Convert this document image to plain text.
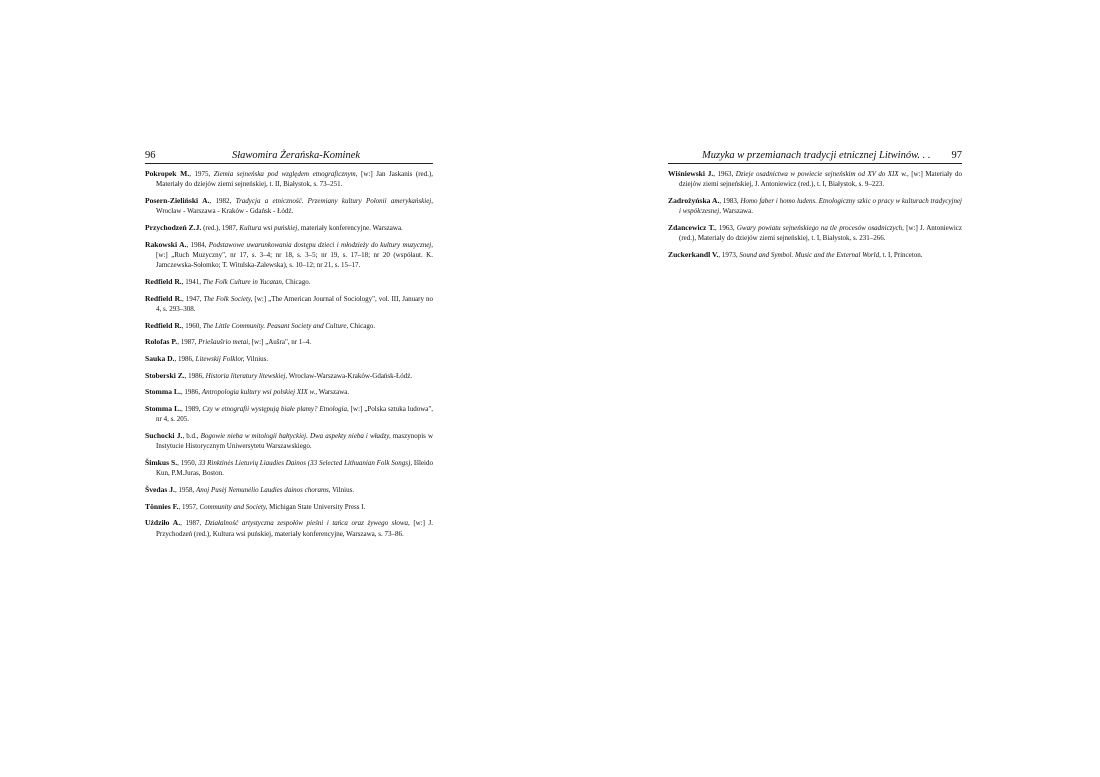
96	Sławomira Żerańska-Kominek

Pokropek M., 1975, Ziemia sejneńska pod względem etnograficznym, [w:] Jan Jaskanis (red.), Materiały do dziejów ziemi sejneńskiej, t. II, Białystok, s. 73–251.

Posern-Zieliński A., 1982, Tradycja a etniczność. Przemiany kultury Polonii amerykańskiej, Wrocław - Warszawa - Kraków - Gdańsk - Łódź.

Przychodzeń Z.J. (red.), 1987, Kultura wsi puńskiej, materiały konferencyjne. Warszawa.

Rakowski A., 1984, Podstawowe uwarunkowania dostępu dzieci i młodzieży do kultury muzycznej, [w:] „Ruch Muzyczny", nr 17, s. 3–4; nr 18, s. 3–5; nr 19, s. 17–18; nr 20 (współaut. K. Jamczewska-Sołomko; T. Witulska-Zalewska), s. 10–12; nr 21, s. 15–17.

Redfield R., 1941, The Folk Culture in Yucatan, Chicago.

Redfield R., 1947, The Folk Society, [w:] „The American Journal of Sociology", vol. III, January no 4, s. 293–308.

Redfield R., 1960, The Little Community. Peasant Society and Culture, Chicago.

Rolofas P., 1987, Priešaušrio metai, [w:] „Aušra", nr 1–4.

Sauka D., 1986, Litewskij Folklor, Vilnius.

Stoberski Z., 1986, Historia literatury litewskiej, Wrocław-Warszawa-Kraków-Gdańsk-Łódź.

Stomma L., 1986, Antropologia kultury wsi polskiej XIX w., Warszawa.

Stomma L., 1989, Czy w etnografii występują białe plamy? Etnologia, [w:] „Polska sztuka ludowa", nr 4, s. 205.

Suchocki J., b.d., Bogowie nieba w mitologii bałtyckiej. Dwa aspekty nieba i władzy, maszynopis w Instytucie Historycznym Uniwersytetu Warszawskiego.

Šimkus S., 1950, 33 Rinktinės Lietuvių Liaudies Dainos (33 Selected Lithuanian Folk Songs), Išleido Kun, P.M.Juras, Boston.

Švedas J., 1958, Anoj Pusėj Nemunėlio Laudies dainos chorams, Vilnius.

Tönnies F., 1957, Community and Society, Michigan State University Press I.

Uździło A., 1987, Działalność artystyczna zespołów pieśni i tańca oraz żywego słowa, [w:] J. Przychodzeń (red.), Kultura wsi puńskiej, materiały konferencyjne, Warszawa, s. 73–86.

Muzyka w przemianach tradycji etnicznej Litwinów. . . 97

Wiśniewski J., 1963, Dzieje osadnictwa w powiecie sejneńskim od XV do XIX w., [w:] Materiały do dziejów ziemi sejneńskiej, J. Antoniewicz (red.), t. I, Białystok, s. 9–223.

Zadrożyńska A., 1983, Homo faber i homo ludens. Etnologiczny szkic o pracy w kulturach tradycyjnej i współczesnej, Warszawa.

Zdancewicz T., 1963, Gwary powiatu sejneńskiego na tle procesów osadniczych, [w:] J. Antoniewicz (red.), Materiały do dziejów ziemi sejneńskiej, t. I, Białystok, s. 231–266.

Zuckerkandl V., 1973, Sound and Symbol. Music and the External World, t. I, Princeton.
